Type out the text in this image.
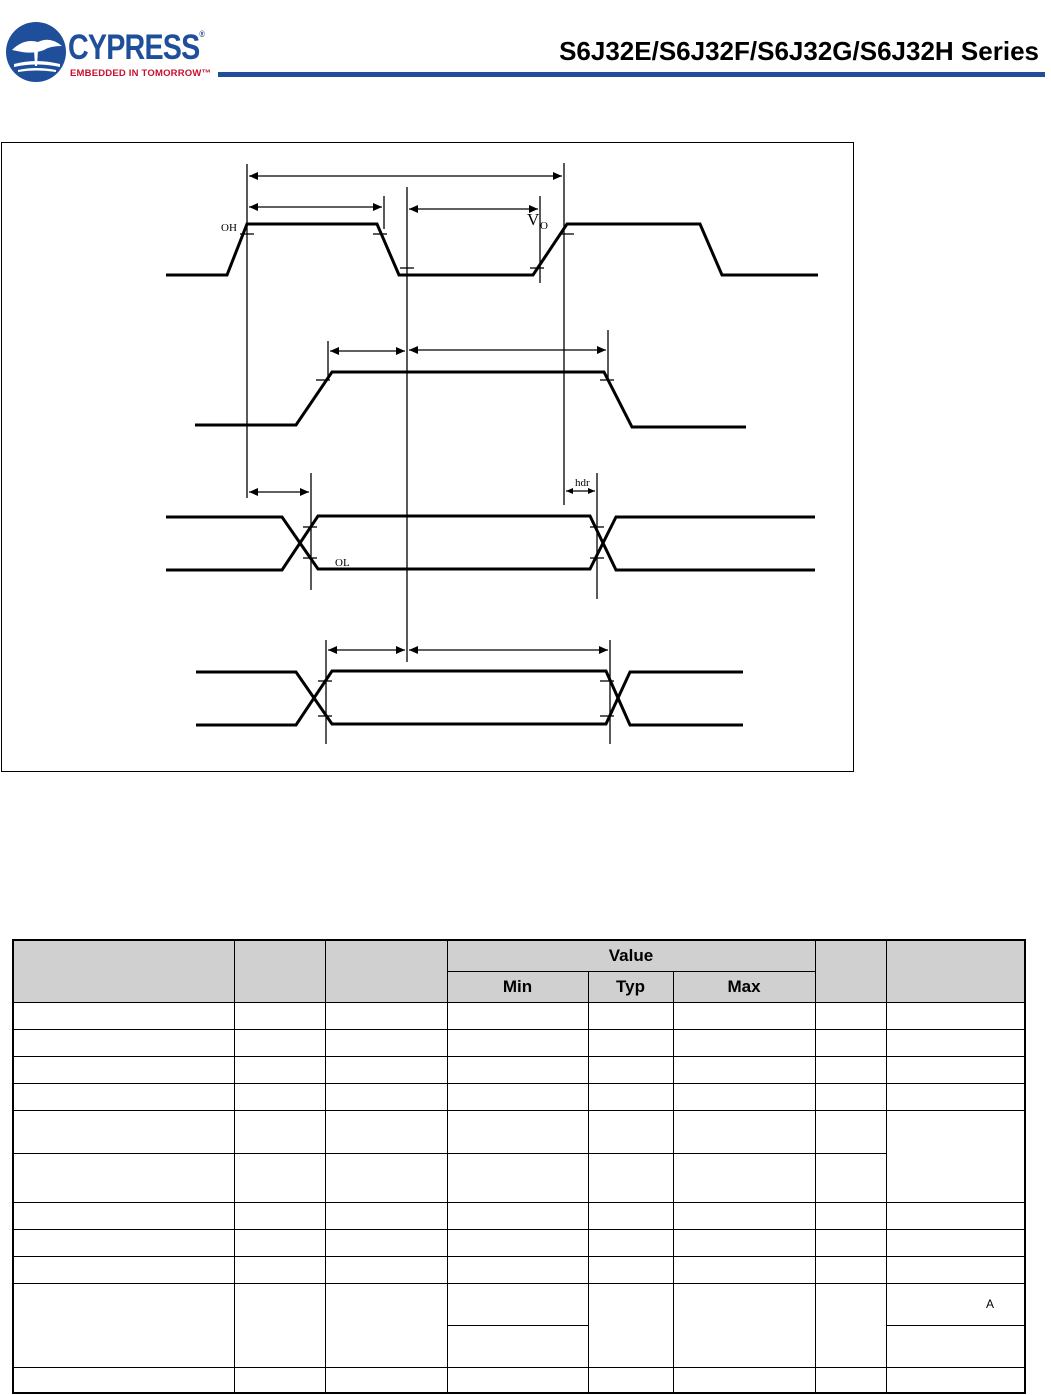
CYPRESS®
EMBEDDED IN TOMORROW™
S6J32E/S6J32F/S6J32G/S6J32H Series
OH	V O
hdr
OL
			Value				
			Min	Typ	Max		

							A
